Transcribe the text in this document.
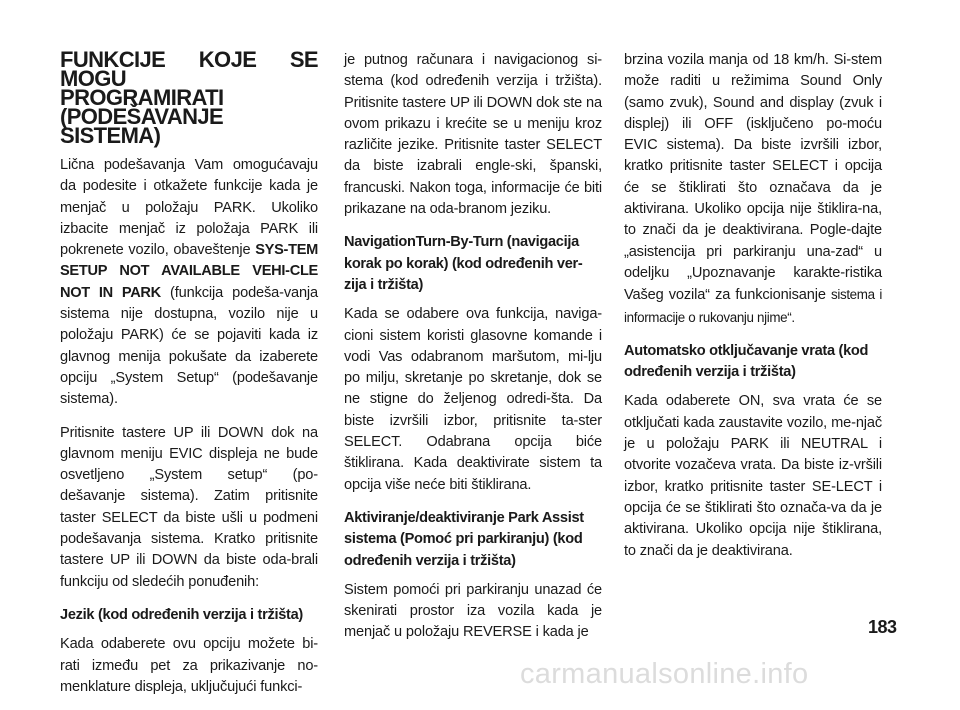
FUNKCIJE KOJE SE MOGU
PROGRAMIRATI
(PODEŠAVANJE SISTEMA)

Lična podešavanja Vam omogućavaju da podesite i otkažete funkcije kada je menjač u položaju PARK. Ukoliko izbacite menjač iz položaja PARK ili pokrenete vozilo, obaveštenje SYS-TEM SETUP NOT AVAILABLE VEHI-CLE NOT IN PARK (funkcija podeša-vanja sistema nije dostupna, vozilo nije u položaju PARK) će se pojaviti kada iz glavnog menija pokušate da izaberete opciju „System Setup“ (podešavanje sistema).

Pritisnite tastere UP ili DOWN dok na glavnom meniju EVIC displeja ne bude osvetljeno „System setup“ (po-dešavanje sistema). Zatim pritisnite taster SELECT da biste ušli u podmeni podešavanja sistema. Kratko pritisnite tastere UP ili DOWN da biste oda-brali funkciju od sledećih ponuđenih:

Jezik (kod određenih verzija i tržišta)

Kada odaberete ovu opciju možete bi-rati između pet za prikazivanje no-menklature displeja, uključujući funkci-

je putnog računara i navigacionog si-stema (kod određenih verzija i tržišta). Pritisnite tastere UP ili DOWN dok ste na ovom prikazu i krećite se u meniju kroz različite jezike. Pritisnite taster SELECT da biste izabrali engle-ski, španski, francuski. Nakon toga, informacije će biti prikazane na oda-branom jeziku.

NavigationTurn-By-Turn (navigacija korak po korak) (kod određenih ver-zija i tržišta)

Kada se odabere ova funkcija, naviga-cioni sistem koristi glasovne komande i vodi Vas odabranom maršutom, mi-lju po milju, skretanje po skretanje, dok se ne stigne do željenog odredi-šta. Da biste izvršili izbor, pritisnite ta-ster SELECT. Odabrana opcija biće štiklirana. Kada deaktivirate sistem ta opcija više neće biti štiklirana.

Aktiviranje/deaktiviranje Park Assist sistema (Pomoć pri parkiranju) (kod određenih verzija i tržišta)

Sistem pomoći pri parkiranju unazad će skenirati prostor iza vozila kada je menjač u položaju REVERSE i kada je

brzina vozila manja od 18 km/h. Si-stem može raditi u režimima Sound Only (samo zvuk), Sound and display (zvuk i displej) ili OFF (isključeno po-moću EVIC sistema). Da biste izvršili izbor, kratko pritisnite taster SELECT i opcija će se štiklirati što označava da je aktivirana. Ukoliko opcija nije štiklira-na, to znači da je deaktivirana. Pogle-dajte „asistencija pri parkiranju una-zad“ u odeljku „Upoznavanje karakte-ristika Vašeg vozila“ za funkcionisanje sistema i informacije o rukovanju njime“.

Automatsko otključavanje vrata (kod određenih verzija i tržišta)

Kada odaberete ON, sva vrata će se otključati kada zaustavite vozilo, me-njač je u položaju PARK ili NEUTRAL i otvorite vozačeva vrata. Da biste iz-vršili izbor, kratko pritisnite taster SE-LECT i opcija će se štiklirati što označa-va da je aktivirana. Ukoliko opcija nije štiklirana, to znači da je deaktivirana.

183
carmanualsonline.info
